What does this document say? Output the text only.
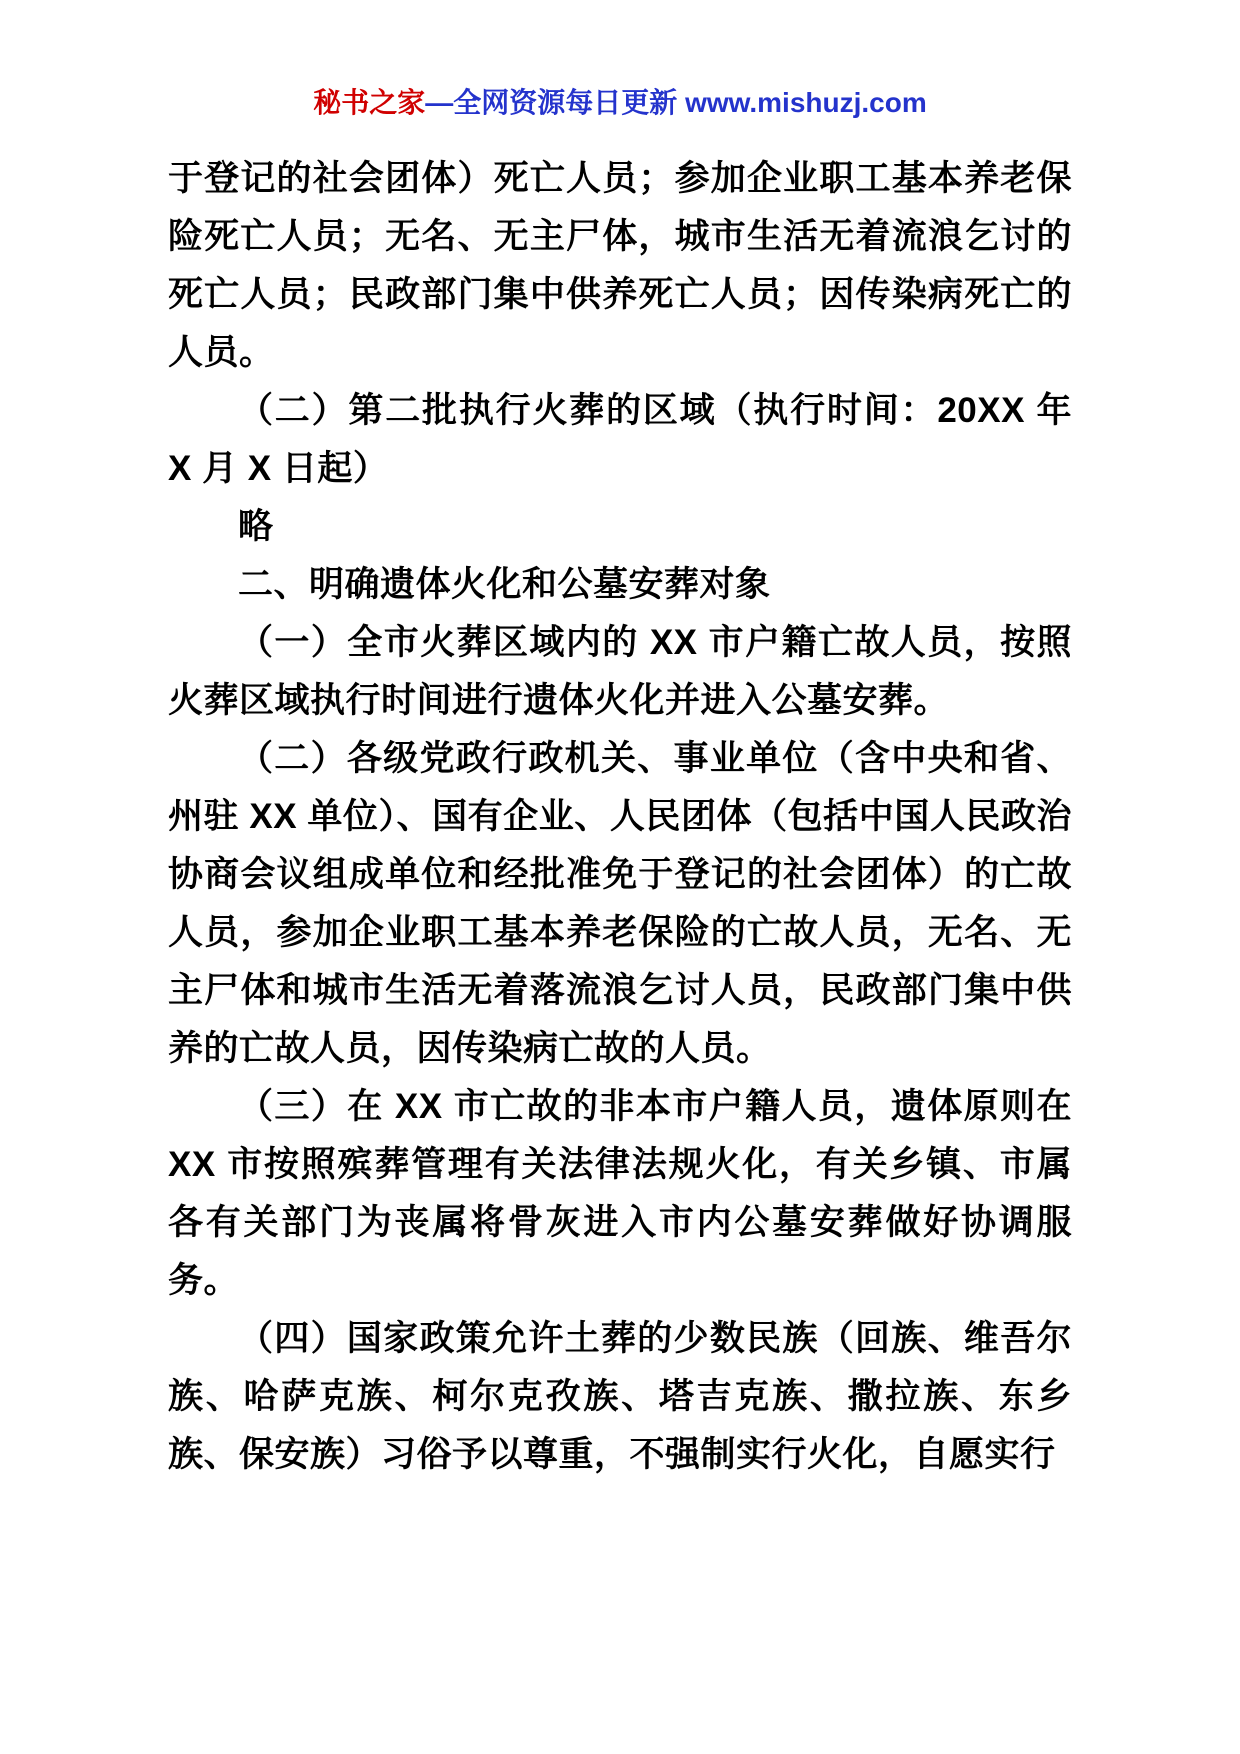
秘书之家—全网资源每日更新 www.mishuzj.com

于登记的社会团体）死亡人员；参加企业职工基本养老保险死亡人员；无名、无主尸体，城市生活无着流浪乞讨的死亡人员；民政部门集中供养死亡人员；因传染病死亡的人员。

（二）第二批执行火葬的区域（执行时间：20XX 年 X 月 X 日起）

略

二、明确遗体火化和公墓安葬对象

（一）全市火葬区域内的 XX 市户籍亡故人员，按照火葬区域执行时间进行遗体火化并进入公墓安葬。

（二）各级党政行政机关、事业单位（含中央和省、州驻 XX 单位）、国有企业、人民团体（包括中国人民政治协商会议组成单位和经批准免于登记的社会团体）的亡故人员，参加企业职工基本养老保险的亡故人员，无名、无主尸体和城市生活无着落流浪乞讨人员，民政部门集中供养的亡故人员，因传染病亡故的人员。

（三）在 XX 市亡故的非本市户籍人员，遗体原则在 XX 市按照殡葬管理有关法律法规火化，有关乡镇、市属各有关部门为丧属将骨灰进入市内公墓安葬做好协调服务。

（四）国家政策允许土葬的少数民族（回族、维吾尔族、哈萨克族、柯尔克孜族、塔吉克族、撒拉族、东乡族、保安族）习俗予以尊重，不强制实行火化，自愿实行
